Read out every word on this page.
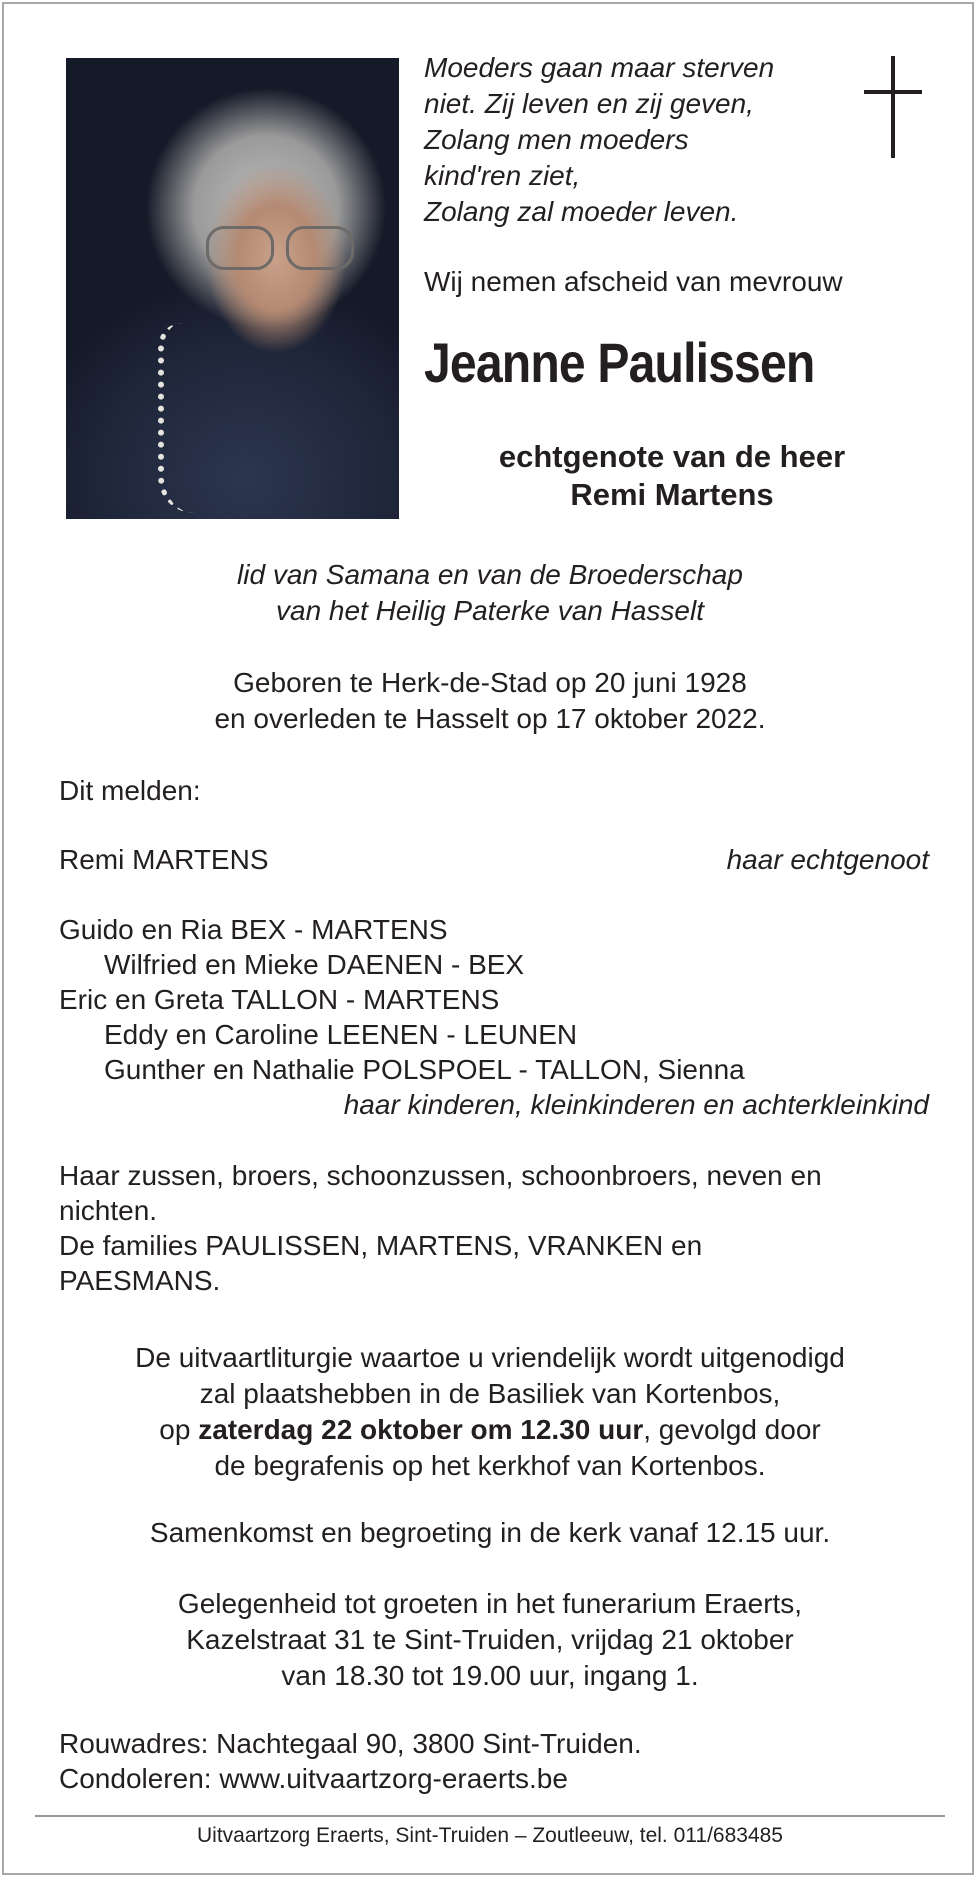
Moeders gaan maar sterven
niet. Zij leven en zij geven,
Zolang men moeders
kind'ren ziet,
Zolang zal moeder leven.
Wij nemen afscheid van mevrouw
Jeanne Paulissen
echtgenote van de heer
Remi Martens
lid van Samana en van de Broederschap
van het Heilig Paterke van Hasselt
Geboren te Herk-de-Stad op 20 juni 1928
en overleden te Hasselt op 17 oktober 2022.
Dit melden:
Remi MARTENS	haar echtgenoot
Guido en Ria BEX - MARTENS
Wilfried en Mieke DAENEN - BEX
Eric en Greta TALLON - MARTENS
Eddy en Caroline LEENEN - LEUNEN
Gunther en Nathalie POLSPOEL - TALLON, Sienna
haar kinderen, kleinkinderen en achterkleinkind
Haar zussen, broers, schoonzussen, schoonbroers, neven en
nichten.
De families PAULISSEN, MARTENS, VRANKEN en
PAESMANS.
De uitvaartliturgie waartoe u vriendelijk wordt uitgenodigd
zal plaatshebben in de Basiliek van Kortenbos,
op zaterdag 22 oktober om 12.30 uur, gevolgd door
de begrafenis op het kerkhof van Kortenbos.
Samenkomst en begroeting in de kerk vanaf 12.15 uur.
Gelegenheid tot groeten in het funerarium Eraerts,
Kazelstraat 31 te Sint-Truiden, vrijdag 21 oktober
van 18.30 tot 19.00 uur, ingang 1.
Rouwadres: Nachtegaal 90, 3800 Sint-Truiden.
Condoleren: www.uitvaartzorg-eraerts.be
Uitvaartzorg Eraerts, Sint-Truiden – Zoutleeuw, tel. 011/683485
